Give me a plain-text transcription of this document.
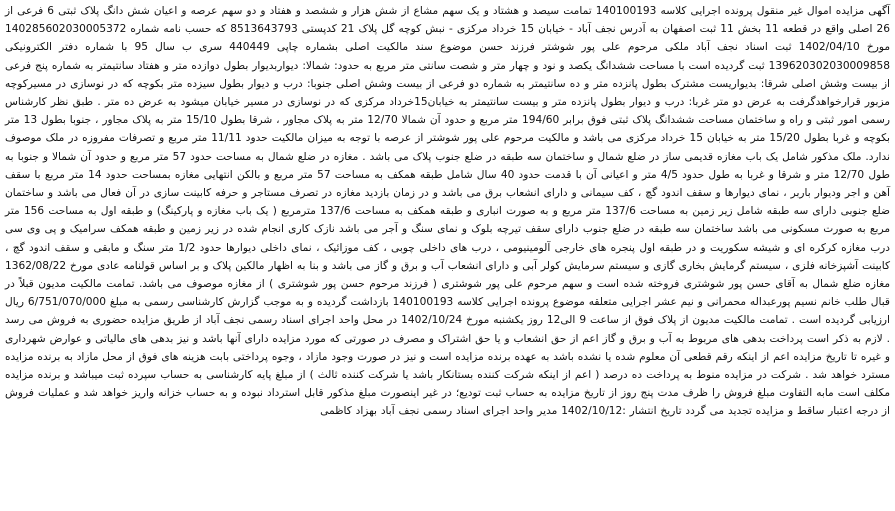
آگهی مزایده اموال غیر منقول پرونده اجرایی کلاسه 140100193 تمامت سیصد و هشتاد و یک سهم مشاع از شش هزار و ششصد و هفتاد و دو سهم عرصه و اعیان شش دانگ پلاک ثبتی 6 فرعی از 26 اصلی واقع در قطعه 11 بخش 11 ثبت اصفهان به آدرس نجف آباد - خیابان 15 خرداد مرکزی - نبش کوچه گل پلاک 21 کدپستی 8513643793 که حسب نامه شماره 140285602030005372 مورخ 1402/04/10 ثبت اسناد نجف آباد ملکی مرحوم علی پور شوشتر فرزند حسن موضوع سند مالکیت اصلی بشماره چاپی 440449 سری ب سال 95 با شماره دفتر الکترونیکی 139620302030009858 ثبت گردیده است با مساحت ششدانگ یکصد و نود و چهار متر و شصت سانتی متر مربع به حدود: شمالا: دیواربدیوار بطول دوازده متر و هفتاد سانتیمتر به شماره پنج فرعی از بیست وشش اصلی شرقا: بدیواریست مشترک بطول پانزده متر و ده سانتیمتر به شماره دو فرعی از بیست وشش اصلی جنوبا: درب و دیوار بطول سیزده متر بکوچه که در نوسازی در مسیرکوچه مزبور قرارخواهدگرفت به عرض دو متر غربا: درب و دیوار بطول پانزده متر و بیست سانتیمتر به خیابان15خرداد مرکزی که در نوسازی در مسیر خیابان میشود به عرض ده متر . طبق نظر کارشناس رسمی امور ثبتی و راه و ساختمان مساحت ششدانگ پلاک ثبتی فوق برابر 194/60 متر مربع و حدود آن شمالا 12/70 متر به پلاک مجاور ، شرقا بطول 15/10 متر به پلاک مجاور ، جنوبا بطول 13 متر بکوچه و غربا بطول 15/20 متر به خیابان 15 خرداد مرکزی می باشد و مالکیت مرحوم علی پور شوشتر از عرصه با توجه به میزان مالکیت حدود 11/11 متر مربع و تصرفات مفروزه در ملک موصوف ندارد. ملک مذکور شامل یک باب مغازه قدیمی ساز در ضلع شمال و ساختمان سه طبقه در ضلع جنوب پلاک می باشد . مغازه در ضلع شمال به مساحت حدود 57 متر مربع و حدود آن شمالا و جنوبا به طول 12/70 متر و شرقا و غربا به طول حدود 4/5 متر و اعیانی آن با قدمت حدود 40 سال شامل طبقه همکف به مساحت 57 متر مربع و بالکن انتهایی مغازه بمساحت حدود 14 متر مربع با سقف آهن و اجر ودیوار باربر ، نمای دیوارها و سقف اندود گچ ، کف سیمانی و دارای انشعاب برق می باشد و در زمان بازدید مغازه در تصرف مستاجر و حرفه کابینت سازی در آن فعال می باشد و ساختمان ضلع جنوبی دارای سه طبقه شامل زیر زمین به مساحت 137/6 متر مربع و به صورت انباری و طبقه همکف به مساحت 137/6 مترمربع ( یک باب مغازه و پارکینگ) و طبقه اول به مساحت 156 متر مربع به صورت مسکونی می باشد ساختمان سه طبقه در ضلع جنوب دارای سقف تیرچه بلوک و نمای سنگ و آجر می باشد نازک کاری انجام شده در زیر زمین و طبقه همکف سرامیک و پی وی سی درب مغازه کرکره ای و شیشه سکوریت و در طبقه اول پنجره های خارجی آلومینیومی ، درب های داخلی چوبی ، کف موزائیک ، نمای داخلی دیوارها حدود 1/2 متر سنگ و مابقی و سقف اندود گچ ، کابینت آشپزخانه فلزی ، سیستم گرمایش بخاری گازی و سیستم سرمایش کولر آبی و دارای انشعاب آب و برق و گاز می باشد و بنا به اظهار مالکین پلاک و بر اساس قولنامه عادی مورخ 1362/08/22 مغازه ضلع شمال به آقای حسن پور شوشتری فروخته شده است و سهم مرحوم علی پور شوشتری ( فرزند مرحوم حسن پور شوشتری ) از مغازه موصوف می باشد. تمامت مالکیت مدیون قبلاً در قبال طلب خانم نسیم پورعبداله محمرانی و نیم عشر اجرایی متعلقه موضوع پرونده اجرایی کلاسه 140100193 بازداشت گردیده و به موجب گزارش کارشناسی رسمی به مبلغ 6/751/070/000 ریال ارزیابی گردیده است . تمامت مالکیت مدیون از پلاک فوق از ساعت 9 الی12 روز یکشنبه مورخ 1402/10/24 در محل واحد اجرای اسناد رسمی نجف آباد از طریق مزایده حضوری به فروش می رسد . لازم به ذکر است پرداخت بدهی های مربوط به آب و برق و گاز اعم از حق انشعاب و یا حق اشتراک و مصرف در صورتی که مورد مزایده دارای آنها باشد و نیز بدهی های مالیاتی و عوارض شهرداری و غیره تا تاریخ مزایده اعم از اینکه رقم قطعی آن معلوم شده یا نشده باشد به عهده برنده مزایده است و نیز در صورت وجود مازاد ، وجوه پرداختی بابت هزینه های فوق از محل مازاد به برنده مزایده مسترد خواهد شد . شرکت در مزایده منوط به پرداخت ده درصد ( اعم از اینکه شرکت کننده بستانکار باشد یا شرکت کننده ثالث ) از مبلغ پایه کارشناسی به حساب سپرده ثبت میباشد و برنده مزایده مکلف است مابه التفاوت مبلغ فروش را ظرف مدت پنج روز از تاریخ مزایده به حساب ثبت تودیع؛ در غیر اینصورت مبلغ مذکور قابل استرداد نبوده و به حساب خزانه واریز خواهد شد و عملیات فروش از درجه اعتبار ساقط و مزایده تجدید می گردد تاریخ انتشار :1402/10/12 مدیر واحد اجرای اسناد رسمی نجف آباد بهزاد کاظمی
